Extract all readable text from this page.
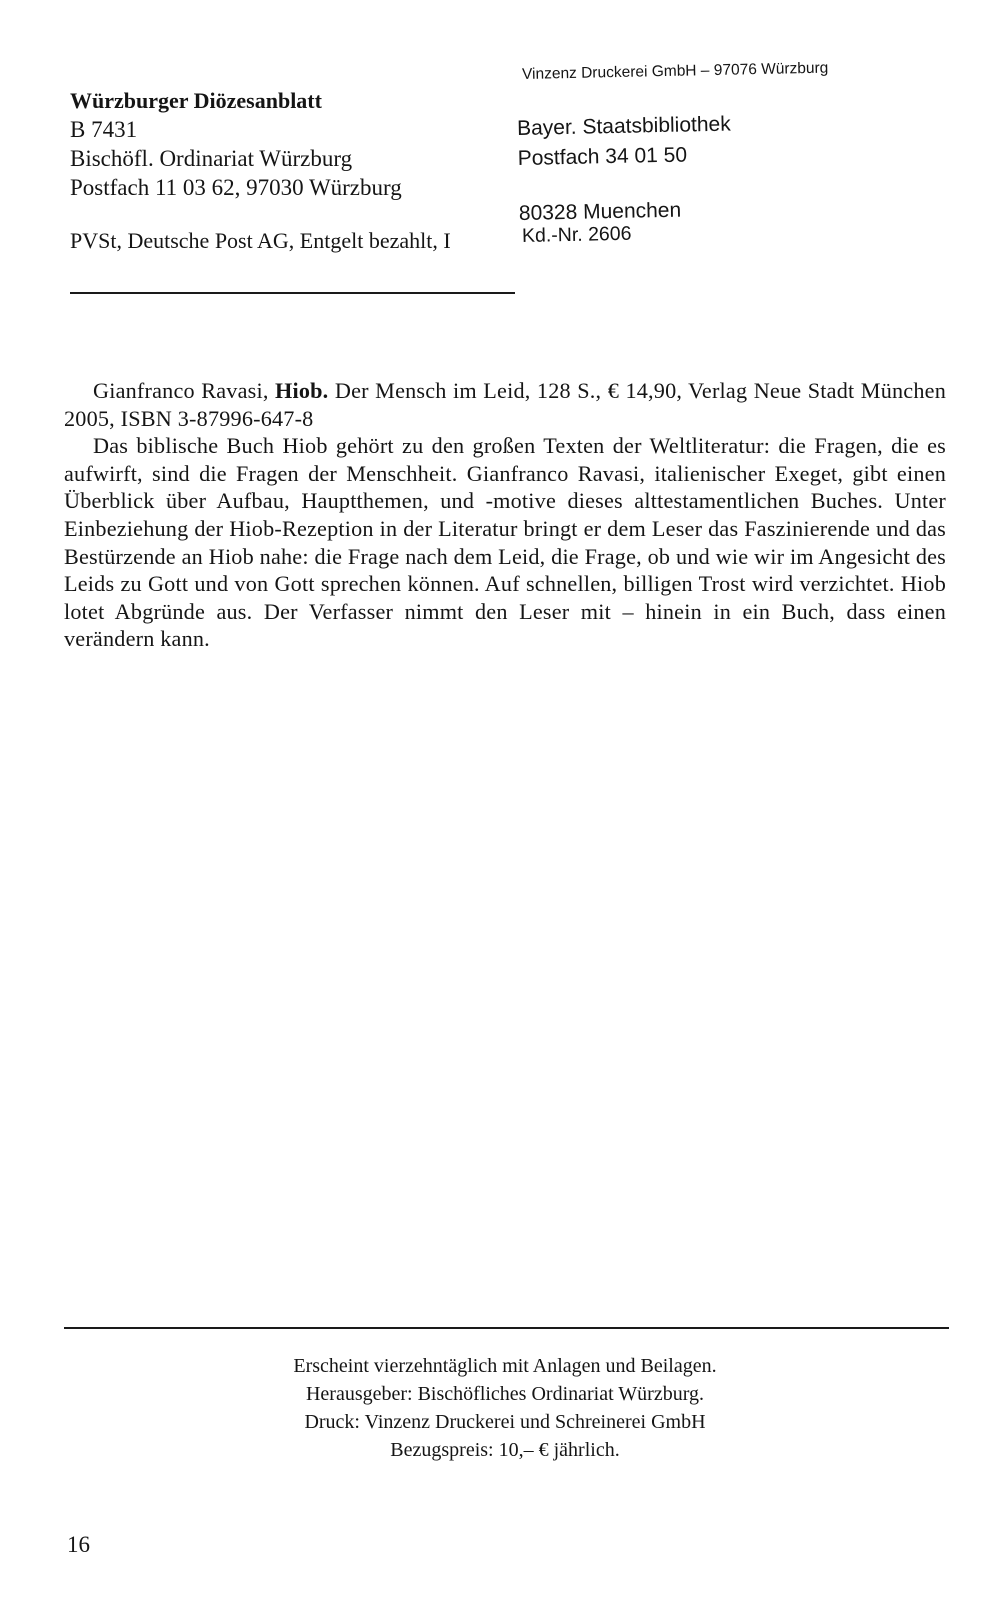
Würzburger Diözesanblatt
B 7431
Bischöfl. Ordinariat Würzburg
Postfach 11 03 62, 97030 Würzburg
PVSt, Deutsche Post AG, Entgelt bezahlt, I
Vinzenz Druckerei GmbH – 97076 Würzburg
Bayer. Staatsbibliothek
Postfach 34 01 50
80328 Muenchen
Kd.-Nr. 2606

Gianfranco Ravasi, Hiob. Der Mensch im Leid, 128 S., € 14,90, Verlag Neue Stadt München 2005, ISBN 3-87996-647-8

Das biblische Buch Hiob gehört zu den großen Texten der Weltliteratur: die Fragen, die es aufwirft, sind die Fragen der Menschheit. Gianfranco Ravasi, italienischer Exeget, gibt einen Überblick über Aufbau, Hauptthemen, und -motive dieses alttestamentlichen Buches. Unter Einbeziehung der Hiob-Rezeption in der Literatur bringt er dem Leser das Faszinierende und das Bestürzende an Hiob nahe: die Frage nach dem Leid, die Frage, ob und wie wir im Angesicht des Leids zu Gott und von Gott sprechen können. Auf schnellen, billigen Trost wird verzichtet. Hiob lotet Abgründe aus. Der Verfasser nimmt den Leser mit – hinein in ein Buch, dass einen verändern kann.

Erscheint vierzehntäglich mit Anlagen und Beilagen.
Herausgeber: Bischöfliches Ordinariat Würzburg.
Druck: Vinzenz Druckerei und Schreinerei GmbH
Bezugspreis: 10,– € jährlich.
16
